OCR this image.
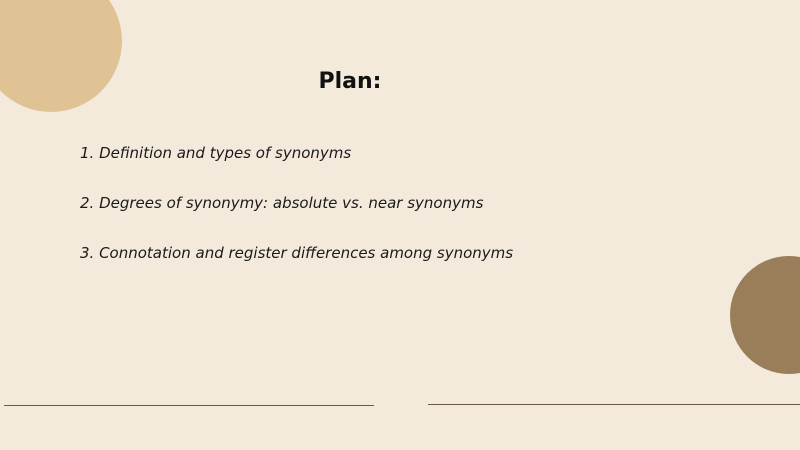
Plan:
1. Definition and types of synonyms
2. Degrees of synonymy: absolute vs. near synonyms
3. Connotation and register differences among synonyms
